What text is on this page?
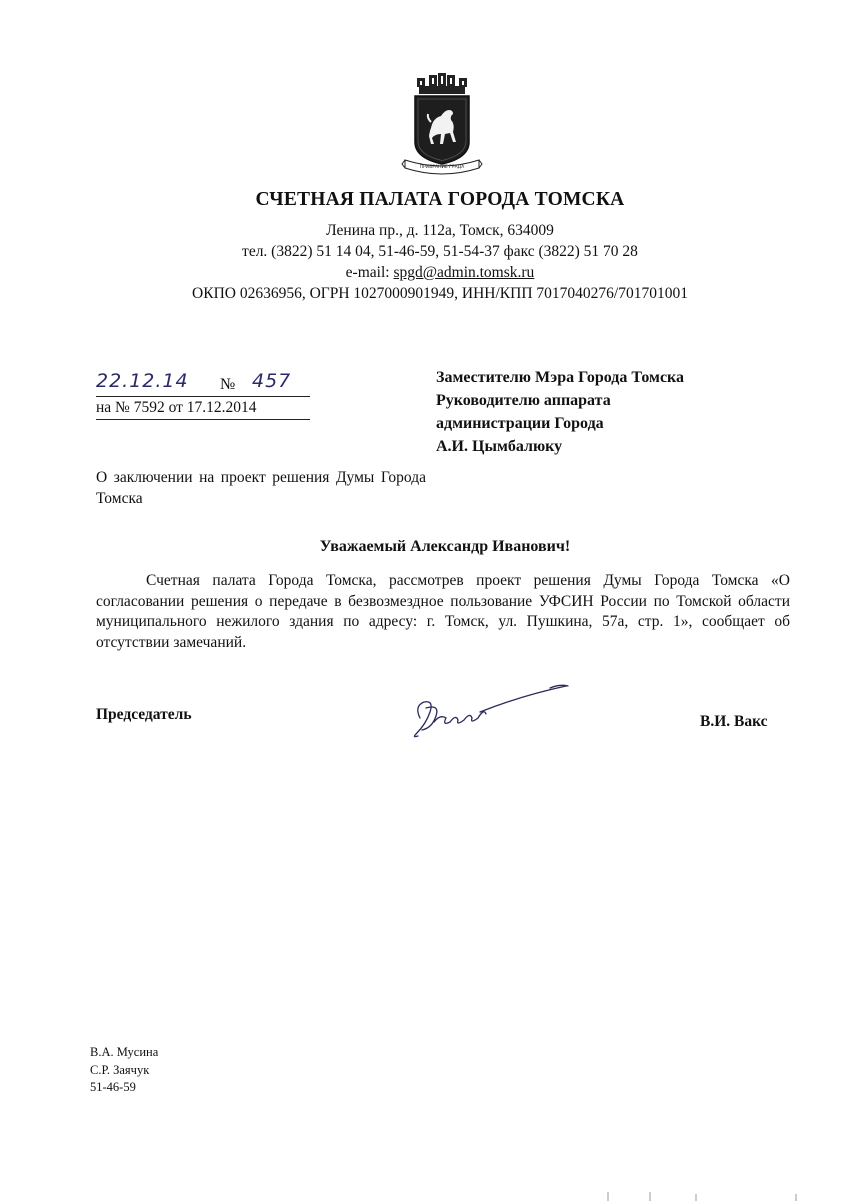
ПРИБРАНИЕ ГРАДА
СЧЕТНАЯ ПАЛАТА ГОРОДА ТОМСКА
Ленина пр., д. 112а, Томск, 634009
тел. (3822) 51 14 04, 51-46-59, 51-54-37 факс (3822) 51 70 28
e-mail: spgd@admin.tomsk.ru
ОКПО 02636956, ОГРН 1027000901949, ИНН/КПП 7017040276/701701001
22.12.14 № 457
на № 7592 от 17.12.2014
Заместителю Мэра Города Томска
Руководителю аппарата
администрации Города
А.И. Цымбалюку
О заключении на проект решения Думы Города Томска
Уважаемый Александр Иванович!
Счетная палата Города Томска, рассмотрев проект решения Думы Города Томска «О согласовании решения о передаче в безвозмездное пользование УФСИН России по Томской области муниципального нежилого здания по адресу: г. Томск, ул. Пушкина, 57а, стр. 1», сообщает об отсутствии замечаний.
Председатель	В.И. Вакс
В.А. Мусина
С.Р. Заячук
51-46-59
